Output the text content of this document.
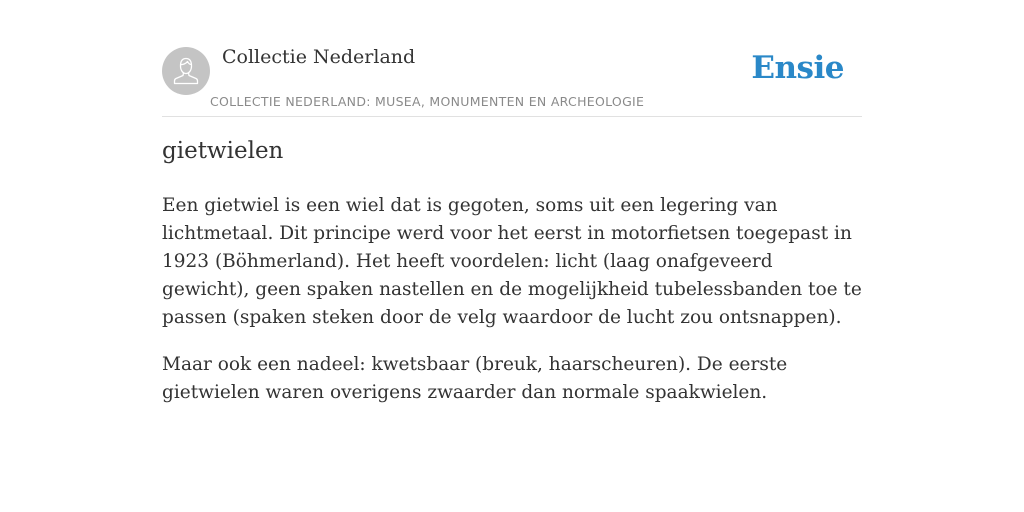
Collectie Nederland
COLLECTIE NEDERLAND: MUSEA, MONUMENTEN EN ARCHEOLOGIE
Ensie
gietwielen

Een gietwiel is een wiel dat is gegoten, soms uit een legering van lichtmetaal. Dit principe werd voor het eerst in motorfietsen toegepast in 1923 (Böhmerland). Het heeft voordelen: licht (laag onafgeveerd gewicht), geen spaken nastellen en de mogelijkheid tubelessbanden toe te passen (spaken steken door de velg waardoor de lucht zou ontsnappen).

Maar ook een nadeel: kwetsbaar (breuk, haarscheuren). De eerste gietwielen waren overigens zwaarder dan normale spaakwielen.
